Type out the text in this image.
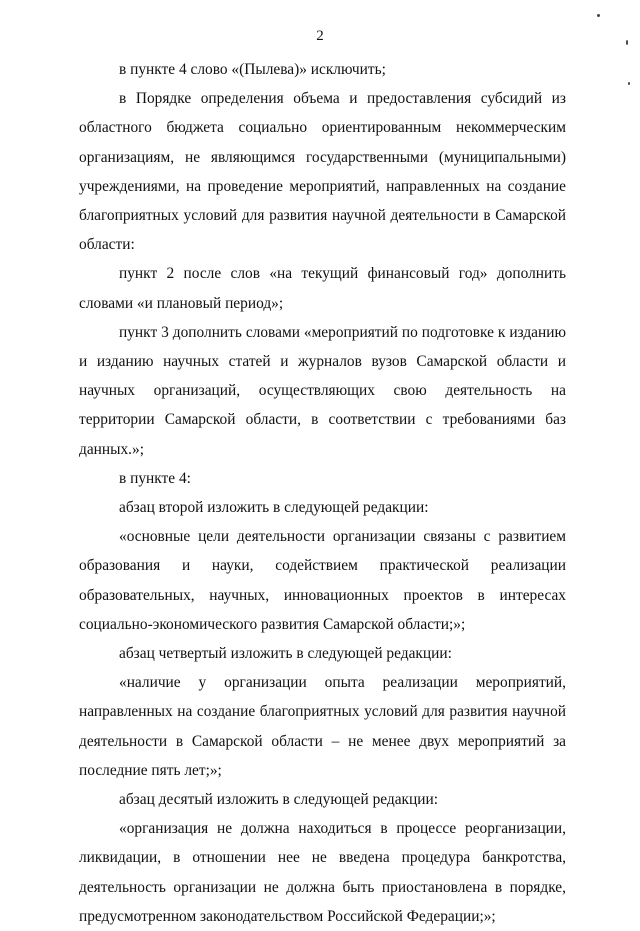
2

в пункте 4 слово «(Пылева)» исключить;

в Порядке определения объема и предоставления субсидий из областного бюджета социально ориентированным некоммерческим организациям, не являющимся государственными (муниципальными) учреждениями, на проведение мероприятий, направленных на создание благоприятных условий для развития научной деятельности в Самарской области:

пункт 2 после слов «на текущий финансовый год» дополнить словами «и плановый период»;

пункт 3 дополнить словами «мероприятий по подготовке к изданию и изданию научных статей и журналов вузов Самарской области и научных организаций, осуществляющих свою деятельность на территории Самарской области, в соответствии с требованиями баз данных.»;

в пункте 4:

абзац второй изложить в следующей редакции:

«основные цели деятельности организации связаны с развитием образования и науки, содействием практической реализации образовательных, научных, инновационных проектов в интересах социально-экономического развития Самарской области;»;

абзац четвертый изложить в следующей редакции:

«наличие у организации опыта реализации мероприятий, направленных на создание благоприятных условий для развития научной деятельности в Самарской области – не менее двух мероприятий за последние пять лет;»;

абзац десятый изложить в следующей редакции:

«организация не должна находиться в процессе реорганизации, ликвидации, в отношении нее не введена процедура банкротства, деятельность организации не должна быть приостановлена в порядке, предусмотренном законодательством Российской Федерации;»;
